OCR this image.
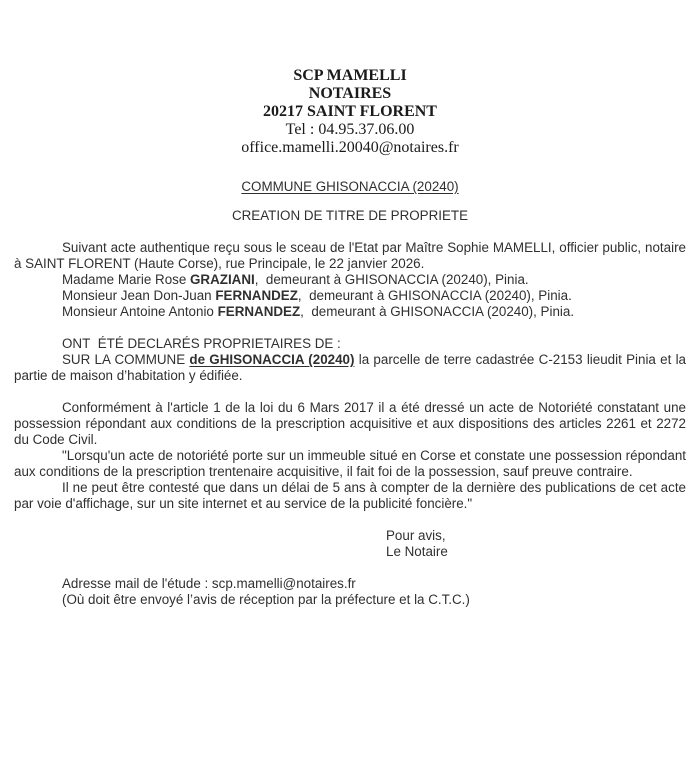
SCP MAMELLI
NOTAIRES
20217 SAINT FLORENT
Tel : 04.95.37.06.00
office.mamelli.20040@notaires.fr
COMMUNE GHISONACCIA (20240)
CREATION DE TITRE DE PROPRIETE

Suivant acte authentique reçu sous le sceau de l'Etat par Maître Sophie MAMELLI, officier public, notaire à SAINT FLORENT (Haute Corse), rue Principale, le 22 janvier 2026.

Madame Marie Rose GRAZIANI,  demeurant à GHISONACCIA (20240), Pinia.

Monsieur Jean Don-Juan FERNANDEZ,  demeurant à GHISONACCIA (20240), Pinia.

Monsieur Antoine Antonio FERNANDEZ,  demeurant à GHISONACCIA (20240), Pinia.

ONT  ÉTÉ DECLARÉS PROPRIETAIRES DE :

SUR LA COMMUNE de GHISONACCIA (20240) la parcelle de terre cadastrée C-2153 lieudit Pinia et la partie de maison d’habitation y édifiée.

Conformément à l'article 1 de la loi du 6 Mars 2017 il a été dressé un acte de Notoriété constatant une possession répondant aux conditions de la prescription acquisitive et aux dispositions des articles 2261 et 2272 du Code Civil.

"Lorsqu'un acte de notoriété porte sur un immeuble situé en Corse et constate une possession répondant aux conditions de la prescription trentenaire acquisitive, il fait foi de la possession, sauf preuve contraire.

Il ne peut être contesté que dans un délai de 5 ans à compter de la dernière des publications de cet acte par voie d'affichage, sur un site internet et au service de la publicité foncière."

Pour avis,
Le Notaire
Adresse mail de l'étude : scp.mamelli@notaires.fr
(Où doit être envoyé l’avis de réception par la préfecture et la C.T.C.)
